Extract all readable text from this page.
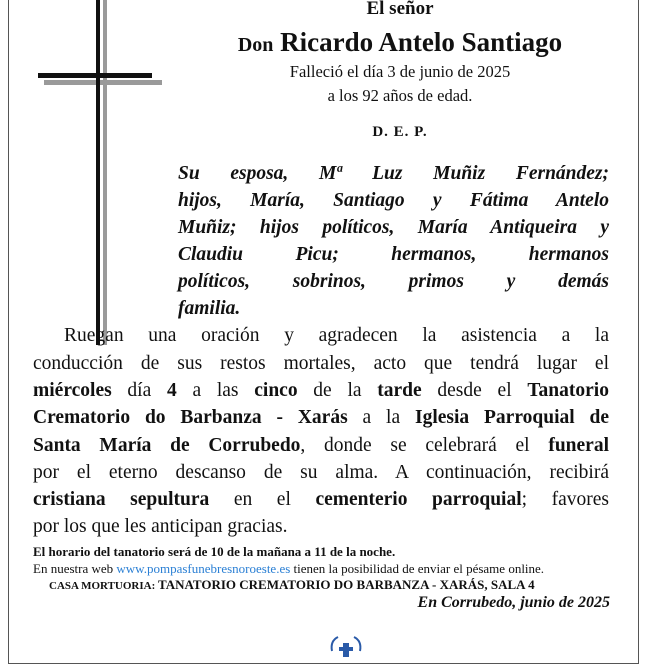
El señor
Don Ricardo Antelo Santiago
Falleció el día 3 de junio de 2025
a los 92 años de edad.
D. E. P.
Su esposa, Mª Luz Muñiz Fernández;
hijos, María, Santiago y Fátima Antelo
Muñiz; hijos políticos, María Antiqueira y
Claudiu Picu; hermanos, hermanos
políticos, sobrinos, primos y demás
familia.
Ruegan una oración y agradecen la asistencia a la
conducción de sus restos mortales, acto que tendrá lugar el
miércoles día 4 a las cinco de la tarde desde el Tanatorio
Crematorio do Barbanza - Xarás a la Iglesia Parroquial de
Santa María de Corrubedo, donde se celebrará el funeral
por el eterno descanso de su alma. A continuación, recibirá
cristiana sepultura en el cementerio parroquial; favores
por los que les anticipan gracias.
El horario del tanatorio será de 10 de la mañana a 11 de la noche.
En nuestra web www.pompasfunebresnoroeste.es tienen la posibilidad de enviar el pésame online.
CASA MORTUORIA: TANATORIO CREMATORIO DO BARBANZA - XARÁS, SALA 4
En Corrubedo, junio de 2025
